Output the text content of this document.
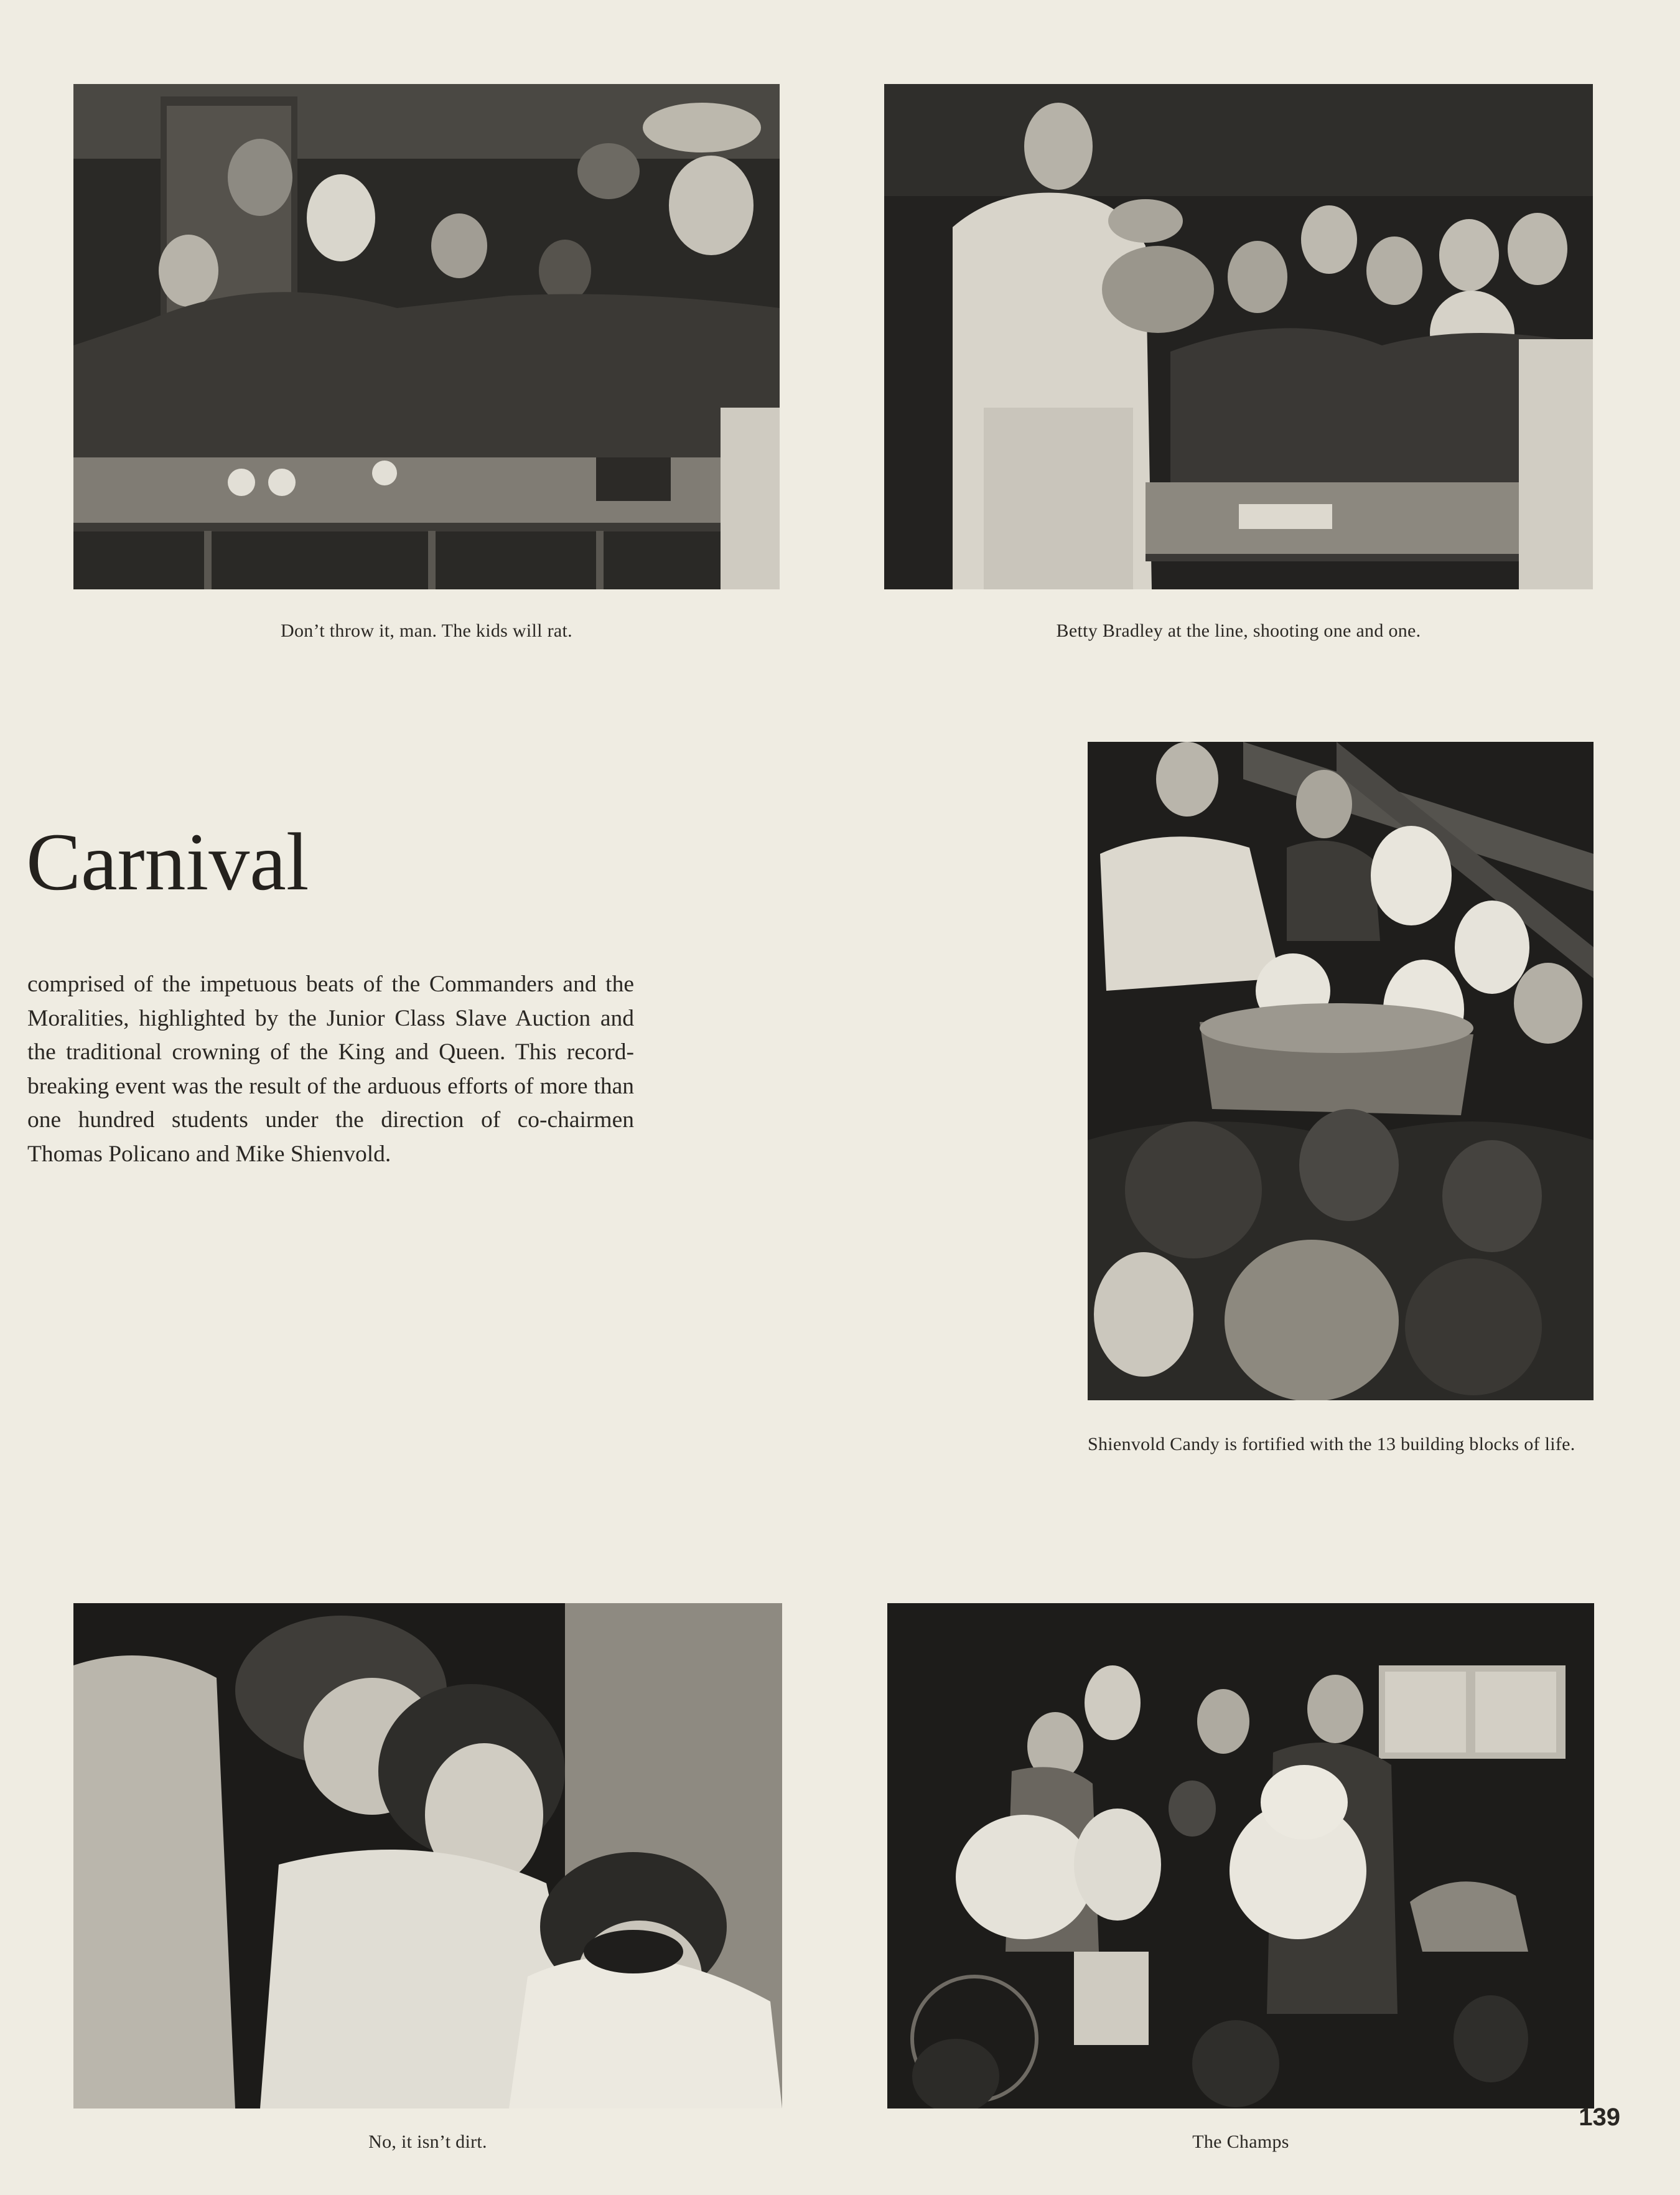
Don’t throw it, man. The kids will rat.	Betty Bradley at the line, shooting one and one.

Carnival

comprised of the impetuous beats of the Commanders and the Moralities, highlighted by the Junior Class Slave Auction and the traditional crowning of the King and Queen. This record-breaking event was the result of the arduous efforts of more than one hundred students under the direction of co-chairmen Thomas Policano and Mike Shienvold.

Shienvold Candy is fortified with the 13 building blocks of life.

No, it isn’t dirt.	The Champs

139
